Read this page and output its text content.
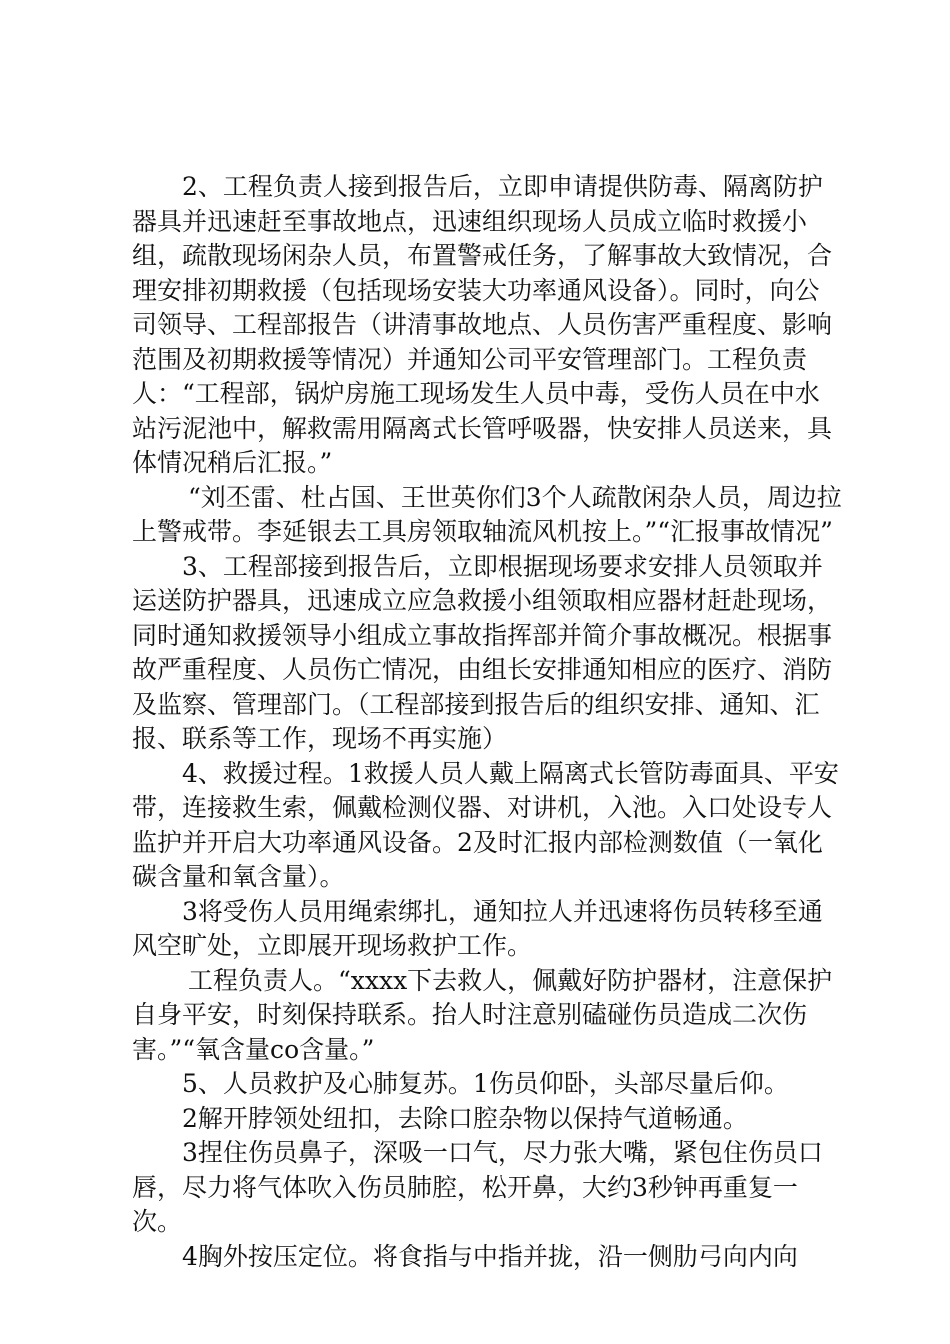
2、工程负责人接到报告后，立即申请提供防毒、隔离防护器具并迅速赶至事故地点，迅速组织现场人员成立临时救援小组，疏散现场闲杂人员，布置警戒任务，了解事故大致情况，合理安排初期救援（包括现场安装大功率通风设备）。同时，向公司领导、工程部报告（讲清事故地点、人员伤害严重程度、影响范围及初期救援等情况）并通知公司平安管理部门。工程负责人：“工程部，锅炉房施工现场发生人员中毒，受伤人员在中水站污泥池中，解救需用隔离式长管呼吸器，快安排人员送来，具体情况稍后汇报。”

“刘丕雷、杜占国、王世英你们3个人疏散闲杂人员，周边拉上警戒带。李延银去工具房领取轴流风机按上。”“汇报事故情况”

3、工程部接到报告后，立即根据现场要求安排人员领取并运送防护器具，迅速成立应急救援小组领取相应器材赶赴现场，同时通知救援领导小组成立事故指挥部并简介事故概况。根据事故严重程度、人员伤亡情况，由组长安排通知相应的医疗、消防及监察、管理部门。（工程部接到报告后的组织安排、通知、汇报、联系等工作，现场不再实施）

4、救援过程。1救援人员人戴上隔离式长管防毒面具、平安带，连接救生索，佩戴检测仪器、对讲机，入池。入口处设专人监护并开启大功率通风设备。2及时汇报内部检测数值（一氧化碳含量和氧含量）。

3将受伤人员用绳索绑扎，通知拉人并迅速将伤员转移至通风空旷处，立即展开现场救护工作。

工程负责人。“xxxx下去救人，佩戴好防护器材，注意保护自身平安，时刻保持联系。抬人时注意别磕碰伤员造成二次伤害。”“氧含量co含量。”

5、人员救护及心肺复苏。1伤员仰卧，头部尽量后仰。

2解开脖领处纽扣，去除口腔杂物以保持气道畅通。

3捏住伤员鼻子，深吸一口气，尽力张大嘴，紧包住伤员口唇，尽力将气体吹入伤员肺腔，松开鼻，大约3秒钟再重复一次。

4胸外按压定位。将食指与中指并拢，沿一侧肋弓向内向
